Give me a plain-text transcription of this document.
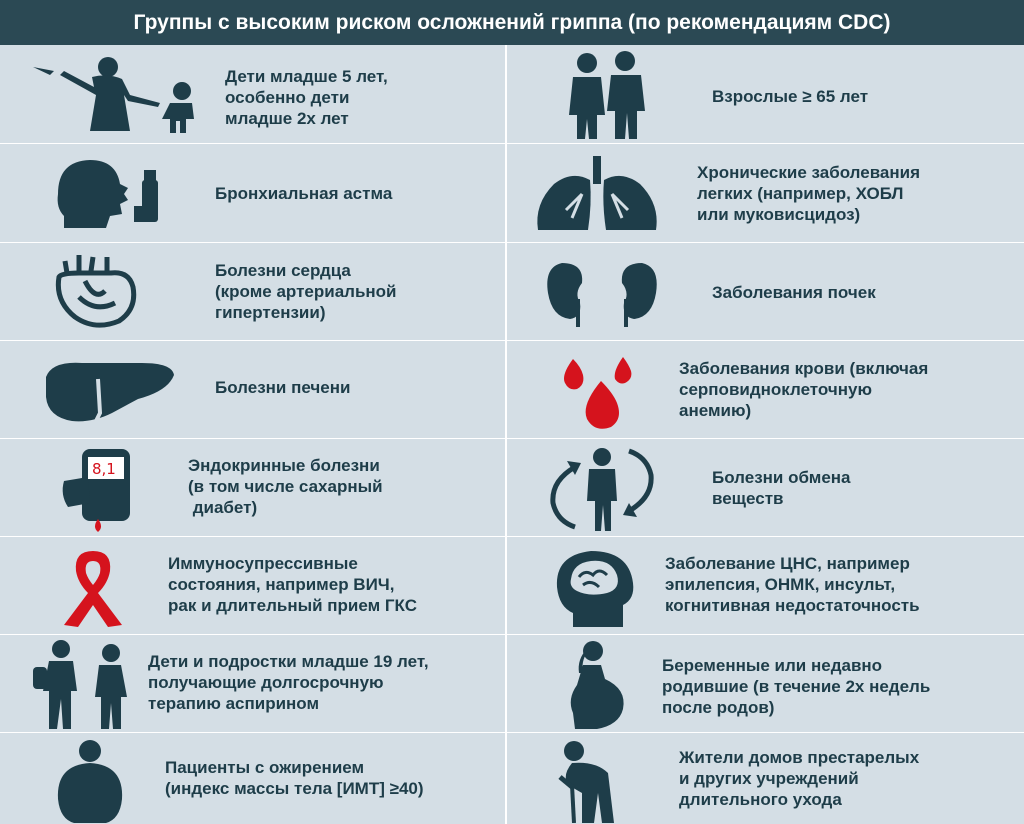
Группы с высоким риском осложнений гриппа (по рекомендациям CDC)
Дети младше 5 лет,
особенно дети
младше 2х лет
Бронхиальная астма
Болезни сердца
(кроме артериальной
гипертензии)
Болезни печени
8,1	Эндокринные болезни
(в том числе сахарный
диабет)
Иммуносупрессивные
состояния, например ВИЧ,
рак и длительный прием ГКС
Дети и подростки младше 19 лет,
получающие долгосрочную
терапию аспирином
Пациенты с ожирением
(индекс массы тела [ИМТ] ≥40)
Взрослые ≥ 65 лет
Хронические заболевания
легких (например, ХОБЛ
или муковисцидоз)
Заболевания почек
Заболевания крови (включая
серповидноклеточную
анемию)
Болезни обмена
веществ
Заболевание ЦНС, например
эпилепсия, ОНМК, инсульт,
когнитивная недостаточность
Беременные или недавно
родившие (в течение 2х недель
после родов)
Жители домов престарелых
и других учреждений
длительного ухода
